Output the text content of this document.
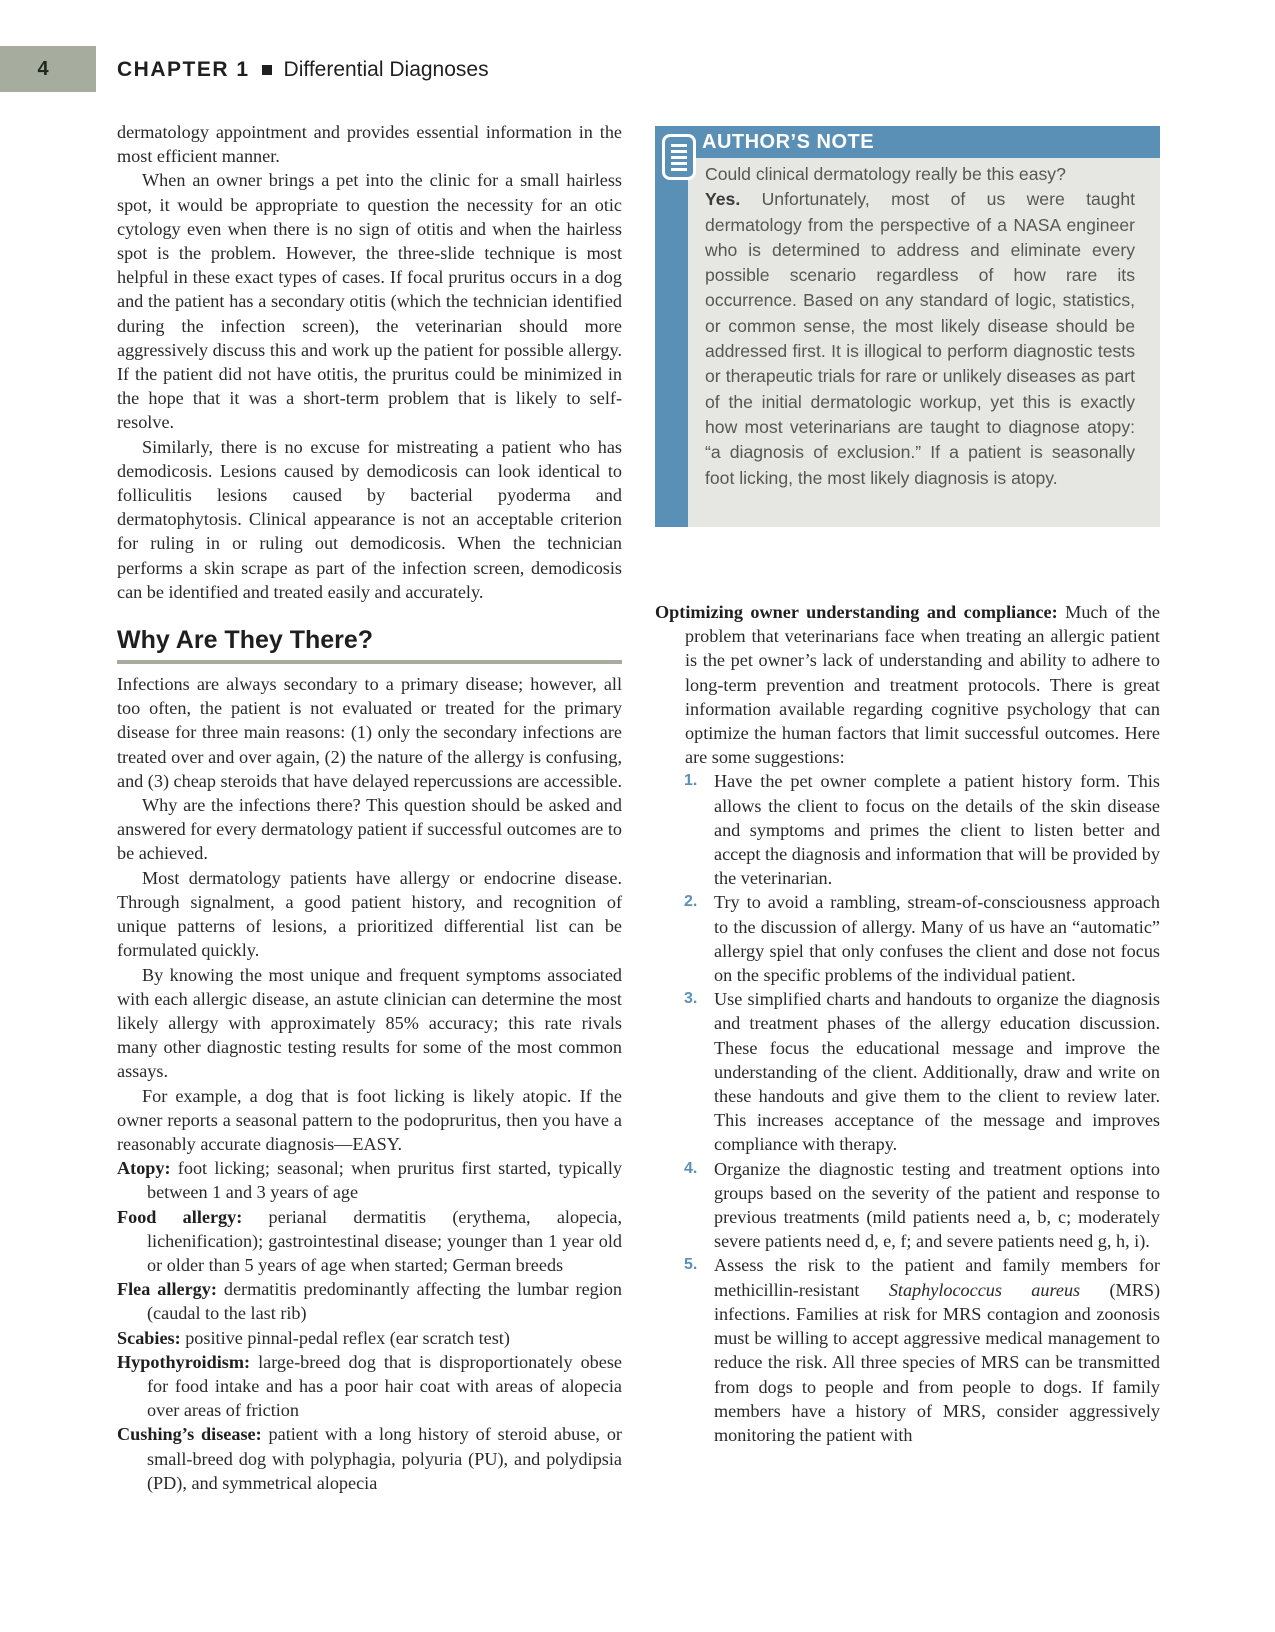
4	CHAPTER 1 Differential Diagnoses

dermatology appointment and provides essential information in the most efficient manner.

When an owner brings a pet into the clinic for a small hairless spot, it would be appropriate to question the necessity for an otic cytology even when there is no sign of otitis and when the hairless spot is the problem. However, the three-slide technique is most helpful in these exact types of cases. If focal pruritus occurs in a dog and the patient has a secondary otitis (which the technician identified during the infection screen), the veterinarian should more aggressively discuss this and work up the patient for possible allergy. If the patient did not have otitis, the pruritus could be minimized in the hope that it was a short-term problem that is likely to self-resolve.

Similarly, there is no excuse for mistreating a patient who has demodicosis. Lesions caused by demodicosis can look identical to folliculitis lesions caused by bacterial pyoderma and dermatophytosis. Clinical appearance is not an acceptable criterion for ruling in or ruling out demodicosis. When the technician performs a skin scrape as part of the infection screen, demodicosis can be identified and treated easily and accurately.

Why Are They There?

Infections are always secondary to a primary disease; however, all too often, the patient is not evaluated or treated for the primary disease for three main reasons: (1) only the secondary infections are treated over and over again, (2) the nature of the allergy is confusing, and (3) cheap steroids that have delayed repercussions are accessible.

Why are the infections there? This question should be asked and answered for every dermatology patient if successful outcomes are to be achieved.

Most dermatology patients have allergy or endocrine disease. Through signalment, a good patient history, and recognition of unique patterns of lesions, a prioritized differential list can be formulated quickly.

By knowing the most unique and frequent symptoms associated with each allergic disease, an astute clinician can determine the most likely allergy with approximately 85% accuracy; this rate rivals many other diagnostic testing results for some of the most common assays.

For example, a dog that is foot licking is likely atopic. If the owner reports a seasonal pattern to the podopruritus, then you have a reasonably accurate diagnosis—EASY.

Atopy: foot licking; seasonal; when pruritus first started, typically between 1 and 3 years of age

Food allergy: perianal dermatitis (erythema, alopecia, lichenification); gastrointestinal disease; younger than 1 year old or older than 5 years of age when started; German breeds

Flea allergy: dermatitis predominantly affecting the lumbar region (caudal to the last rib)

Scabies: positive pinnal-pedal reflex (ear scratch test)

Hypothyroidism: large-breed dog that is disproportionately obese for food intake and has a poor hair coat with areas of alopecia over areas of friction

Cushing’s disease: patient with a long history of steroid abuse, or small-breed dog with polyphagia, polyuria (PU), and polydipsia (PD), and symmetrical alopecia

AUTHOR’S NOTE

Could clinical dermatology really be this easy?

Yes. Unfortunately, most of us were taught dermatology from the perspective of a NASA engineer who is determined to address and eliminate every possible scenario regardless of how rare its occurrence. Based on any standard of logic, statistics, or common sense, the most likely disease should be addressed first. It is illogical to perform diagnostic tests or therapeutic trials for rare or unlikely diseases as part of the initial dermatologic workup, yet this is exactly how most veterinarians are taught to diagnose atopy: “a diagnosis of exclusion.” If a patient is seasonally foot licking, the most likely diagnosis is atopy.

Optimizing owner understanding and compliance: Much of the problem that veterinarians face when treating an allergic patient is the pet owner’s lack of understanding and ability to adhere to long-term prevention and treatment protocols. There is great information available regarding cognitive psychology that can optimize the human factors that limit successful outcomes. Here are some suggestions:

1. Have the pet owner complete a patient history form. This allows the client to focus on the details of the skin disease and symptoms and primes the client to listen better and accept the diagnosis and information that will be provided by the veterinarian.
2. Try to avoid a rambling, stream-of-consciousness approach to the discussion of allergy. Many of us have an “automatic” allergy spiel that only confuses the client and dose not focus on the specific problems of the individual patient.
3. Use simplified charts and handouts to organize the diagnosis and treatment phases of the allergy education discussion. These focus the educational message and improve the understanding of the client. Additionally, draw and write on these handouts and give them to the client to review later. This increases acceptance of the message and improves compliance with therapy.
4. Organize the diagnostic testing and treatment options into groups based on the severity of the patient and response to previous treatments (mild patients need a, b, c; moderately severe patients need d, e, f; and severe patients need g, h, i).
5. Assess the risk to the patient and family members for methicillin-resistant Staphylococcus aureus (MRS) infections. Families at risk for MRS contagion and zoonosis must be willing to accept aggressive medical management to reduce the risk. All three species of MRS can be transmitted from dogs to people and from people to dogs. If family members have a history of MRS, consider aggressively monitoring the patient with
